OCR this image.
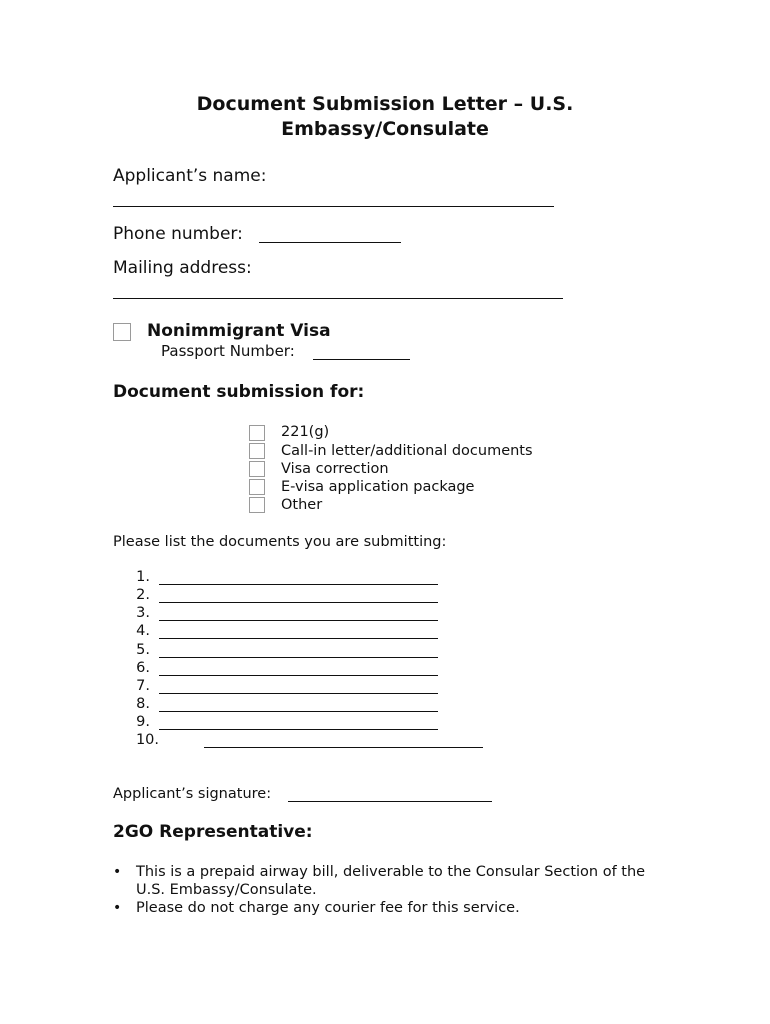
Document Submission Letter – U.S.
Embassy/Consulate
Applicant’s name:
Phone number:
Mailing address:
Nonimmigrant Visa
Passport Number:
Document submission for:
221(g)
Call-in letter/additional documents
Visa correction
E-visa application package
Other
Please list the documents you are submitting:
1.
2.
3.
4.
5.
6.
7.
8.
9.
10.
Applicant’s signature:
2GO Representative:
• This is a prepaid airway bill, deliverable to the Consular Section of the
U.S. Embassy/Consulate.
• Please do not charge any courier fee for this service.
